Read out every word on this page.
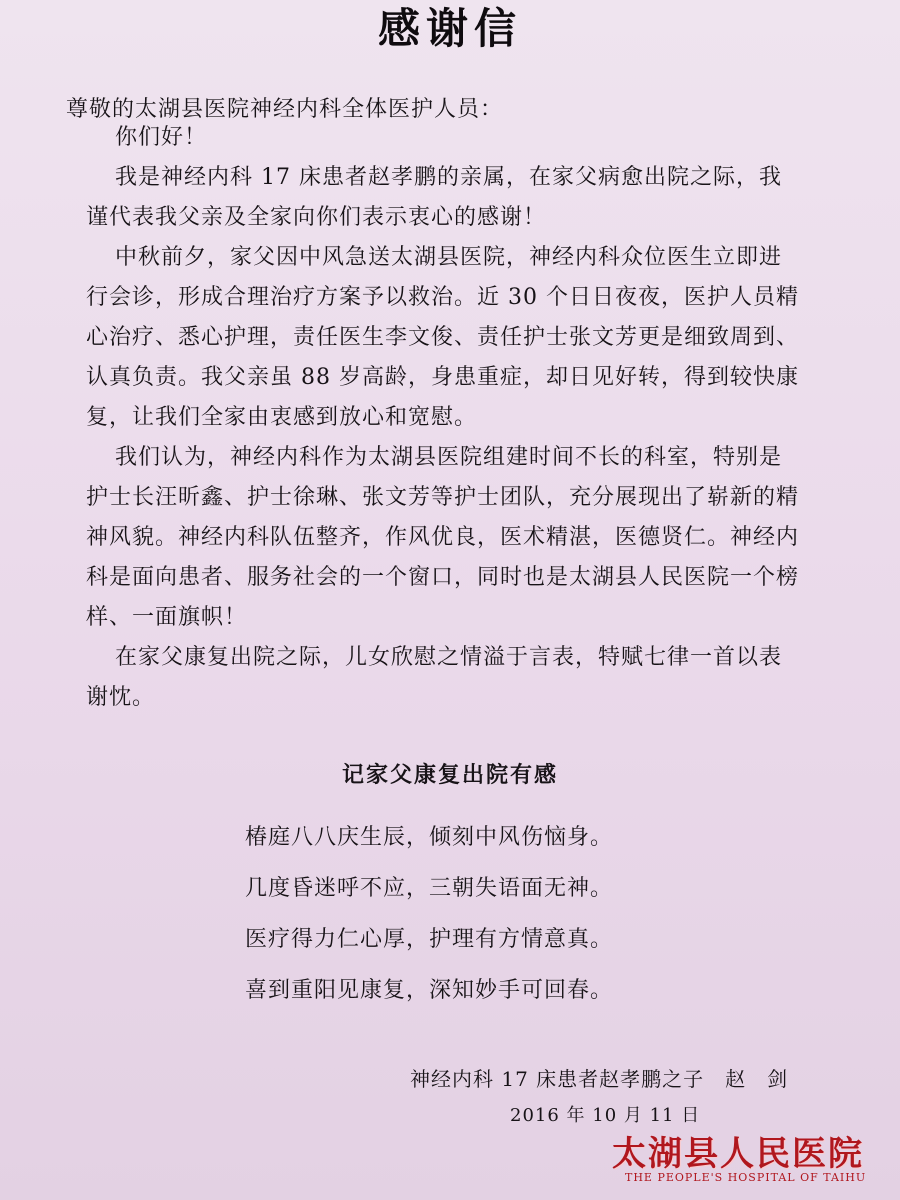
感谢信
尊敬的太湖县医院神经内科全体医护人员：
你们好！
我是神经内科 17 床患者赵孝鹏的亲属，在家父病愈出院之际，我
谨代表我父亲及全家向你们表示衷心的感谢！
中秋前夕，家父因中风急送太湖县医院，神经内科众位医生立即进
行会诊，形成合理治疗方案予以救治。近 30 个日日夜夜，医护人员精
心治疗、悉心护理，责任医生李文俊、责任护士张文芳更是细致周到、
认真负责。我父亲虽 88 岁高龄，身患重症，却日见好转，得到较快康
复，让我们全家由衷感到放心和宽慰。
我们认为，神经内科作为太湖县医院组建时间不长的科室，特别是
护士长汪昕鑫、护士徐琳、张文芳等护士团队，充分展现出了崭新的精
神风貌。神经内科队伍整齐，作风优良，医术精湛，医德贤仁。神经内
科是面向患者、服务社会的一个窗口，同时也是太湖县人民医院一个榜
样、一面旗帜！
在家父康复出院之际，儿女欣慰之情溢于言表，特赋七律一首以表
谢忱。
记家父康复出院有感
椿庭八八庆生辰，倾刻中风伤恼身。
几度昏迷呼不应，三朝失语面无神。
医疗得力仁心厚，护理有方情意真。
喜到重阳见康复，深知妙手可回春。
神经内科 17 床患者赵孝鹏之子　赵　剑
2016 年 10 月 11 日
太湖县人民医院
THE PEOPLE'S HOSPITAL OF TAIHU
